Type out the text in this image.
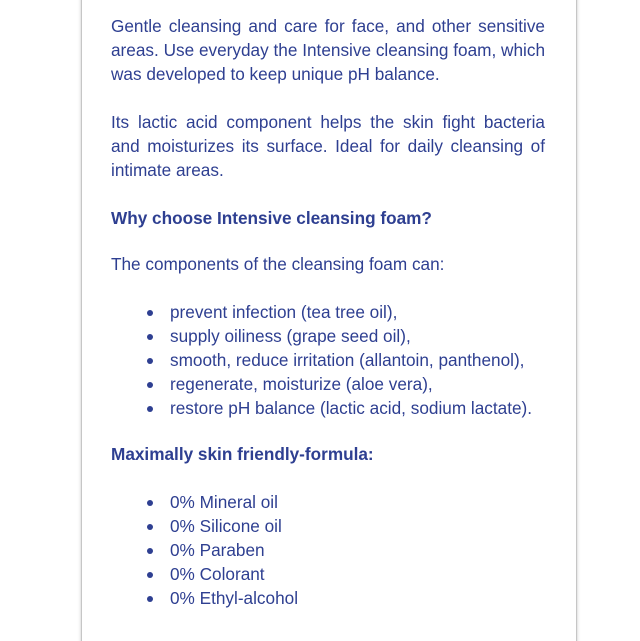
Gentle cleansing and care for face, and other sensitive areas. Use everyday the Intensive cleansing foam, which was developed to keep unique pH balance.

Its lactic acid component helps the skin fight bacteria and moisturizes its surface. Ideal for daily cleansing of intimate areas.

Why choose Intensive cleansing foam?

The components of the cleansing foam can:

prevent infection (tea tree oil),
supply oiliness (grape seed oil),
smooth, reduce irritation (allantoin, panthenol),
regenerate, moisturize (aloe vera),
restore pH balance (lactic acid, sodium lactate).
Maximally skin friendly-formula:
0% Mineral oil
0% Silicone oil
0% Paraben
0% Colorant
0% Ethyl-alcohol
